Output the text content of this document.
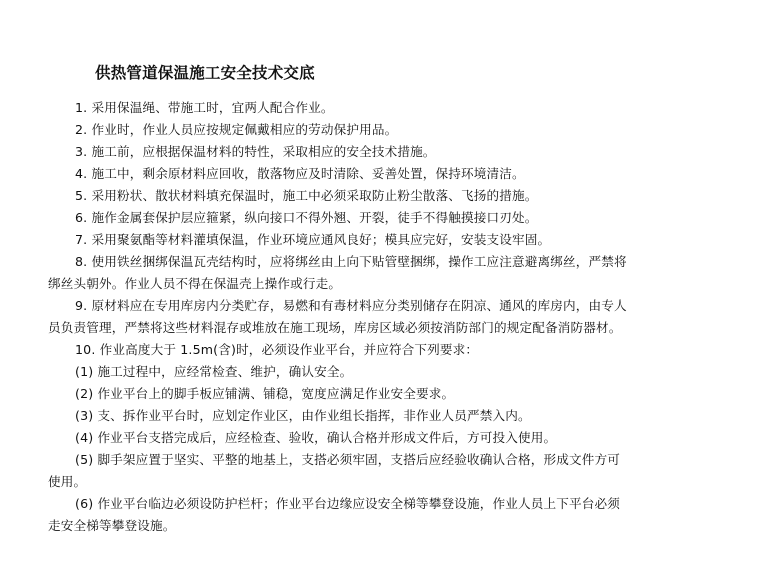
供热管道保温施工安全技术交底
1. 采用保温绳、带施工时，宜两人配合作业。
2. 作业时，作业人员应按规定佩戴相应的劳动保护用品。
3. 施工前，应根据保温材料的特性，采取相应的安全技术措施。
4. 施工中，剩余原材料应回收，散落物应及时清除、妥善处置，保持环境清洁。
5. 采用粉状、散状材料填充保温时，施工中必须采取防止粉尘散落、飞扬的措施。
6. 施作金属套保护层应箍紧，纵向接口不得外翘、开裂，徒手不得触摸接口刃处。
7. 采用聚氨酯等材料灌填保温，作业环境应通风良好；模具应完好，安装支设牢固。
8. 使用铁丝捆绑保温瓦壳结构时，应将绑丝由上向下贴管壁捆绑，操作工应注意避离绑丝，严禁将
绑丝头朝外。作业人员不得在保温壳上操作或行走。
9. 原材料应在专用库房内分类贮存，易燃和有毒材料应分类别储存在阴凉、通风的库房内，由专人
员负责管理，严禁将这些材料混存或堆放在施工现场，库房区域必须按消防部门的规定配备消防器材。
10. 作业高度大于 1.5m(含)时，必须设作业平台，并应符合下列要求：
(1) 施工过程中，应经常检查、维护，确认安全。
(2) 作业平台上的脚手板应铺满、铺稳，宽度应满足作业安全要求。
(3) 支、拆作业平台时，应划定作业区，由作业组长指挥，非作业人员严禁入内。
(4) 作业平台支搭完成后，应经检查、验收，确认合格并形成文件后，方可投入使用。
(5) 脚手架应置于坚实、平整的地基上，支搭必须牢固，支搭后应经验收确认合格，形成文件方可
使用。
(6) 作业平台临边必须设防护栏杆；作业平台边缘应设安全梯等攀登设施，作业人员上下平台必须
走安全梯等攀登设施。
